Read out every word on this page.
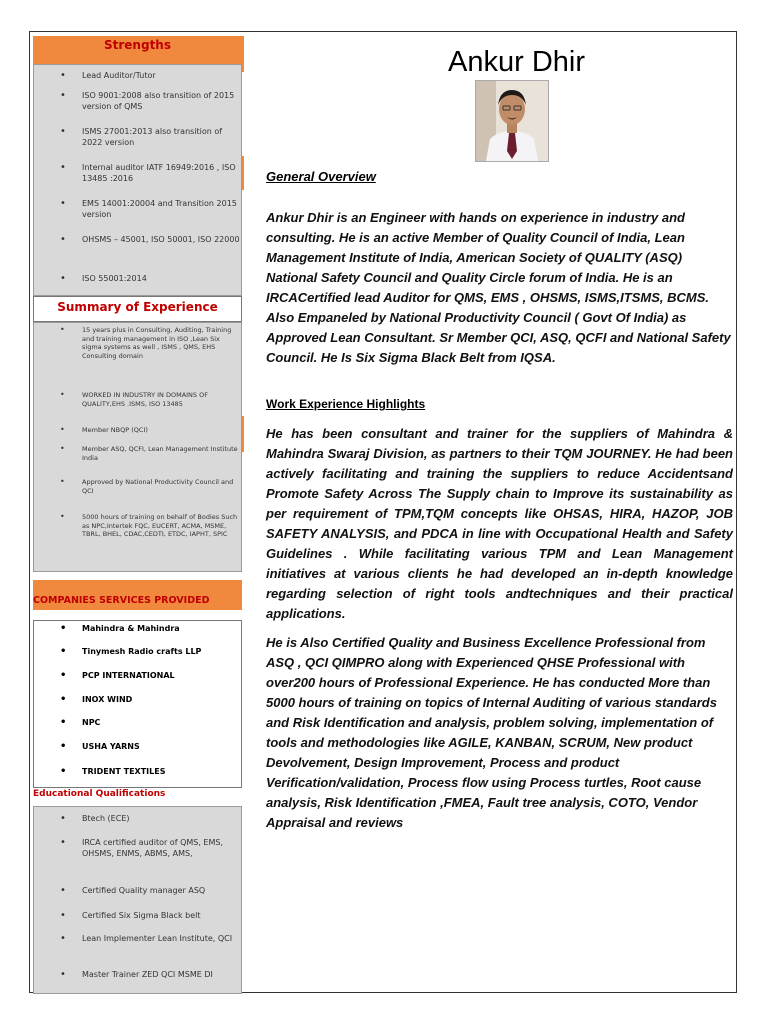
Strengths
• Lead Auditor/Tutor
• ISO 9001:2008 also transition of 2015 version of QMS
• ISMS 27001:2013 also transition of 2022 version
• Internal auditor IATF 16949:2016 , ISO 13485 :2016
• EMS 14001:20004 and Transition 2015 version
• OHSMS – 45001, ISO 50001, ISO 22000
• ISO 55001:2014
Summary of Experience
•	15 years plus in Consulting, Auditing, Training and training management in ISO ,Lean Six sigma systems as well , ISMS , QMS, EHS Consulting domain
•	WORKED IN INDUSTRY IN DOMAINS OF QUALITY,EHS .ISMS, ISO 13485
•	Member NBQP (QCI)
•	Member ASQ, QCFI, Lean Management Institute India
•	Approved by National Productivity Council and QCI
•	5000 hours of training on behalf of Bodies Such as NPC,Intertek FQC, EUCERT, ACMA, MSME, TBRL, BHEL, CDAC,CEDTI, ETDC, IAPHT, SPIC
COMPANIES SERVICES PROVIDED
• Mahindra & Mahindra
• Tinymesh Radio crafts LLP
• PCP INTERNATIONAL
• INOX WIND
• NPC
• USHA YARNS
• TRIDENT TEXTILES
Educational Qualifications
• Btech (ECE)
• IRCA certified auditor of QMS, EMS, OHSMS, ENMS, ABMS, AMS,
• Certified Quality manager ASQ
• Certified Six Sigma Black belt
• Lean Implementer Lean Institute, QCI
• Master Trainer ZED QCI MSME DI
Ankur Dhir
General Overview

Ankur Dhir is an Engineer with hands on experience in industry and consulting. He is an active Member of Quality Council of India, Lean Management Institute of India, American Society of QUALITY (ASQ) National Safety Council and Quality Circle forum of India. He is an IRCACertified lead Auditor for QMS, EMS , OHSMS, ISMS,ITSMS, BCMS. Also Empaneled by National Productivity Council ( Govt Of India) as Approved Lean Consultant. Sr Member QCI, ASQ, QCFI and National Safety Council. He Is Six Sigma Black Belt from IQSA.

Work Experience Highlights

He has been consultant and trainer for the suppliers of Mahindra & Mahindra Swaraj Division, as partners to their TQM JOURNEY. He had been actively facilitating and training the suppliers to reduce Accidentsand Promote Safety Across The Supply chain to Improve its sustainability as per requirement of TPM,TQM concepts like OHSAS, HIRA, HAZOP, JOB SAFETY ANALYSIS, and PDCA in line with Occupational Health and Safety Guidelines . While facilitating various TPM and Lean Management initiatives at various clients he had developed an in-depth knowledge regarding selection of right tools andtechniques and their practical applications.

He is Also Certified Quality and Business Excellence Professional from ASQ , QCI QIMPRO along with Experienced QHSE Professional with over200 hours of Professional Experience. He has conducted More than 5000 hours of training on topics of Internal Auditing of various standards and Risk Identification and analysis, problem solving, implementation of tools and methodologies like AGILE, KANBAN, SCRUM, New product Devolvement, Design Improvement, Process and product Verification/validation, Process flow using Process turtles, Root cause analysis, Risk Identification ,FMEA, Fault tree analysis, COTO, Vendor Appraisal and reviews
